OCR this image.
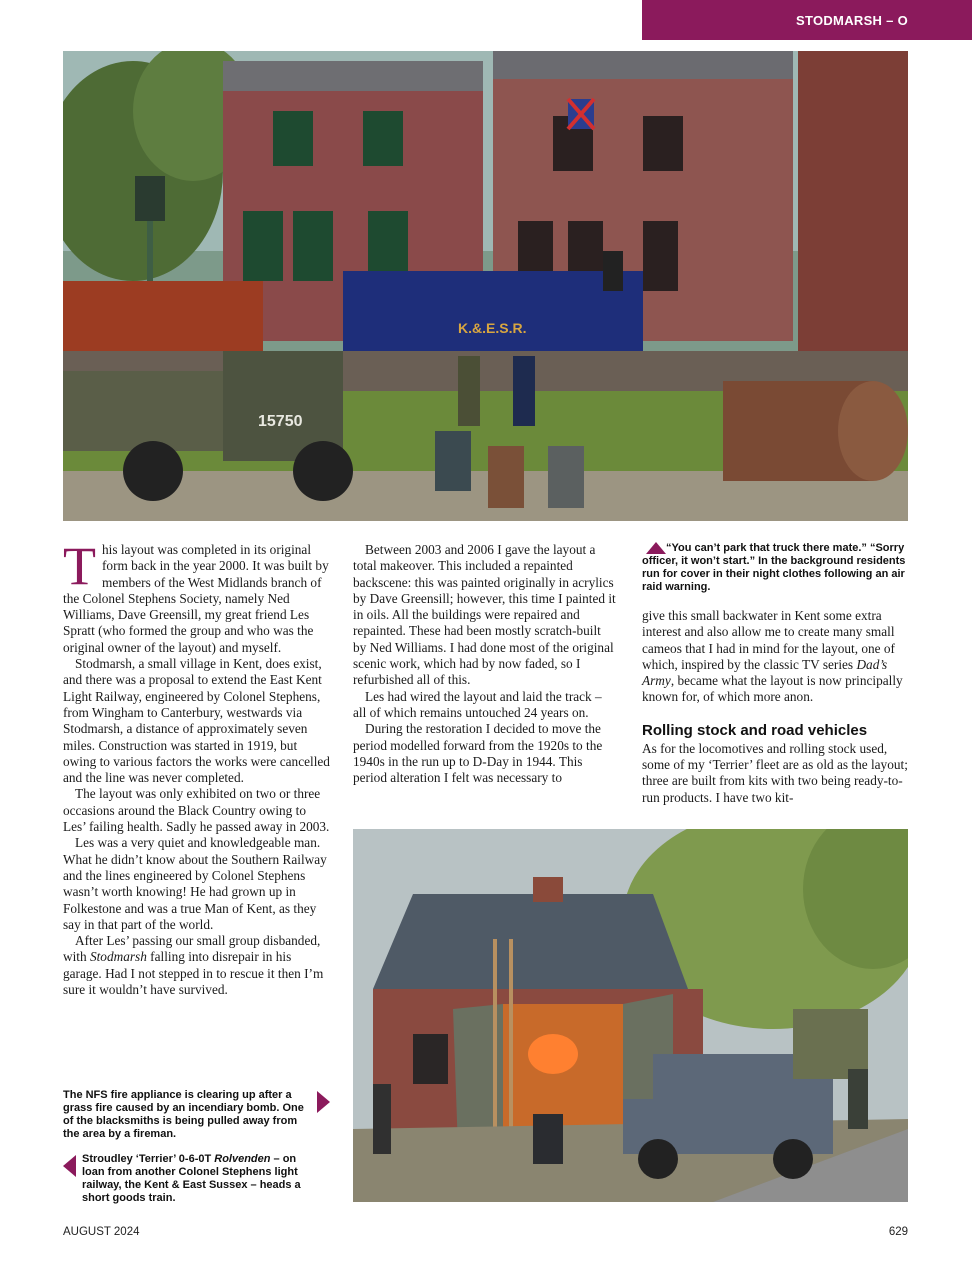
STODMARSH – O
K.&.E.S.R.
15750

This layout was completed in its original form back in the year 2000. It was built by members of the West Midlands branch of the Colonel Stephens Society, namely Ned Williams, Dave Greensill, my great friend Les Spratt (who formed the group and who was the original owner of the layout) and myself.

Stodmarsh, a small village in Kent, does exist, and there was a proposal to extend the East Kent Light Railway, engineered by Colonel Stephens, from Wingham to Canterbury, westwards via Stodmarsh, a distance of approximately seven miles. Construction was started in 1919, but owing to various factors the works were cancelled and the line was never completed.

The layout was only exhibited on two or three occasions around the Black Country owing to Les’ failing health. Sadly he passed away in 2003.

Les was a very quiet and knowledgeable man. What he didn’t know about the Southern Railway and the lines engineered by Colonel Stephens wasn’t worth knowing! He had grown up in Folkestone and was a true Man of Kent, as they say in that part of the world.

After Les’ passing our small group disbanded, with Stodmarsh falling into disrepair in his garage. Had I not stepped in to rescue it then I’m sure it wouldn’t have survived.

Between 2003 and 2006 I gave the layout a total makeover. This included a repainted backscene: this was painted originally in acrylics by Dave Greensill; however, this time I painted it in oils. All the buildings were repaired and repainted. These had been mostly scratch-built by Ned Williams. I had done most of the original scenic work, which had by now faded, so I refurbished all of this.

Les had wired the layout and laid the track – all of which remains untouched 24 years on.

During the restoration I decided to move the period modelled forward from the 1920s to the 1940s in the run up to D-Day in 1944. This period alteration I felt was necessary to

“You can’t park that truck there mate.” “Sorry officer, it won’t start.” In the background residents run for cover in their night clothes following an air raid warning.

give this small backwater in Kent some extra interest and also allow me to create many small cameos that I had in mind for the layout, one of which, inspired by the classic TV series Dad’s Army, became what the layout is now principally known for, of which more anon.

Rolling stock and road vehicles

As for the locomotives and rolling stock used, some of my ‘Terrier’ fleet are as old as the layout; three are built from kits with two being ready-to-run products. I have two kit-

The NFS fire appliance is clearing up after a grass fire caused by an incendiary bomb. One of the blacksmiths is being pulled away from the area by a fireman.
Stroudley ‘Terrier’ 0-6-0T Rolvenden – on loan from another Colonel Stephens light railway, the Kent & East Sussex – heads a short goods train.
AUGUST 2024	629
